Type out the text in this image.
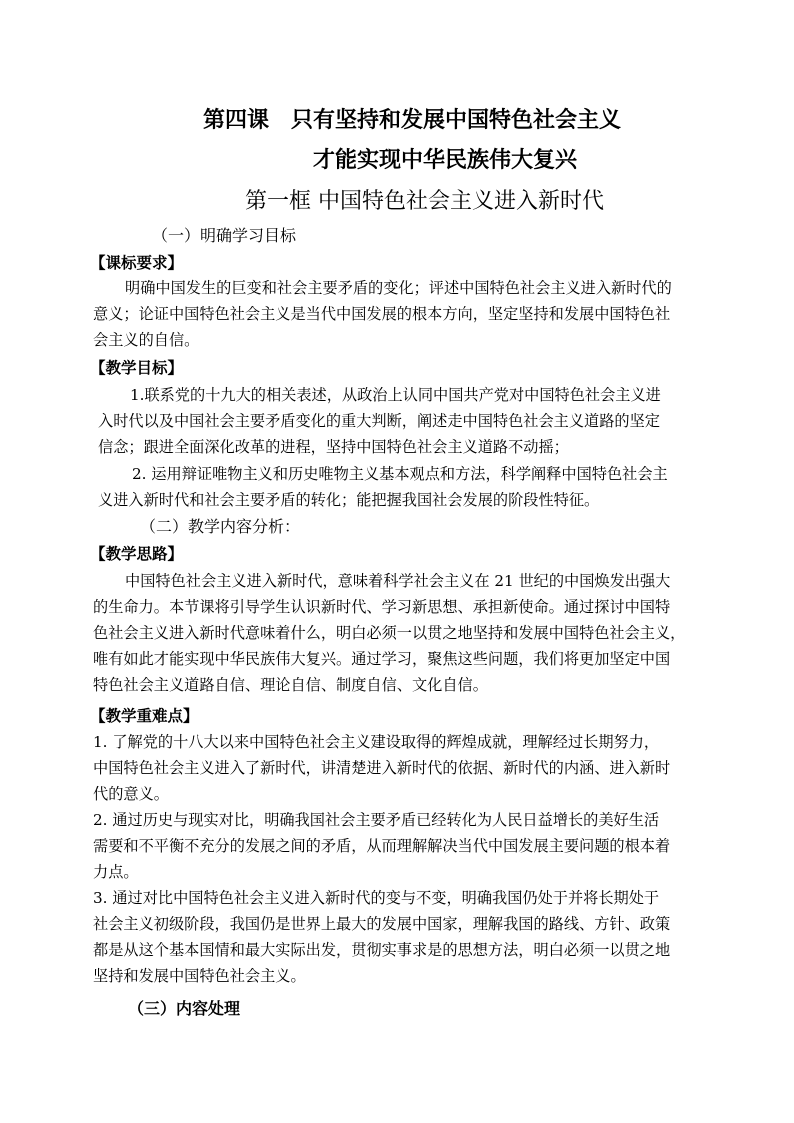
第四课　只有坚持和发展中国特色社会主义
才能实现中华民族伟大复兴
第一框 中国特色社会主义进入新时代
（一）明确学习目标
【课标要求】
明确中国发生的巨变和社会主要矛盾的变化；评述中国特色社会主义进入新时代的
意义；论证中国特色社会主义是当代中国发展的根本方向，坚定坚持和发展中国特色社
会主义的自信。
【教学目标】
1.联系党的十九大的相关表述，从政治上认同中国共产党对中国特色社会主义进
入时代以及中国社会主要矛盾变化的重大判断，阐述走中国特色社会主义道路的坚定
信念；跟进全面深化改革的进程，坚持中国特色社会主义道路不动摇；
2. 运用辩证唯物主义和历史唯物主义基本观点和方法，科学阐释中国特色社会主
义进入新时代和社会主要矛盾的转化；能把握我国社会发展的阶段性特征。
（二）教学内容分析：
【教学思路】
中国特色社会主义进入新时代，意味着科学社会主义在 21 世纪的中国焕发出强大
的生命力。本节课将引导学生认识新时代、学习新思想、承担新使命。通过探讨中国特
色社会主义进入新时代意味着什么，明白必须一以贯之地坚持和发展中国特色社会主义，
唯有如此才能实现中华民族伟大复兴。通过学习，聚焦这些问题，我们将更加坚定中国
特色社会主义道路自信、理论自信、制度自信、文化自信。
【教学重难点】
1. 了解党的十八大以来中国特色社会主义建设取得的辉煌成就，理解经过长期努力，
中国特色社会主义进入了新时代，讲清楚进入新时代的依据、新时代的内涵、进入新时
代的意义。
2. 通过历史与现实对比，明确我国社会主要矛盾已经转化为人民日益增长的美好生活
需要和不平衡不充分的发展之间的矛盾，从而理解解决当代中国发展主要问题的根本着
力点。
3. 通过对比中国特色社会主义进入新时代的变与不变，明确我国仍处于并将长期处于
社会主义初级阶段，我国仍是世界上最大的发展中国家，理解我国的路线、方针、政策
都是从这个基本国情和最大实际出发，贯彻实事求是的思想方法，明白必须一以贯之地
坚持和发展中国特色社会主义。
（三）内容处理
